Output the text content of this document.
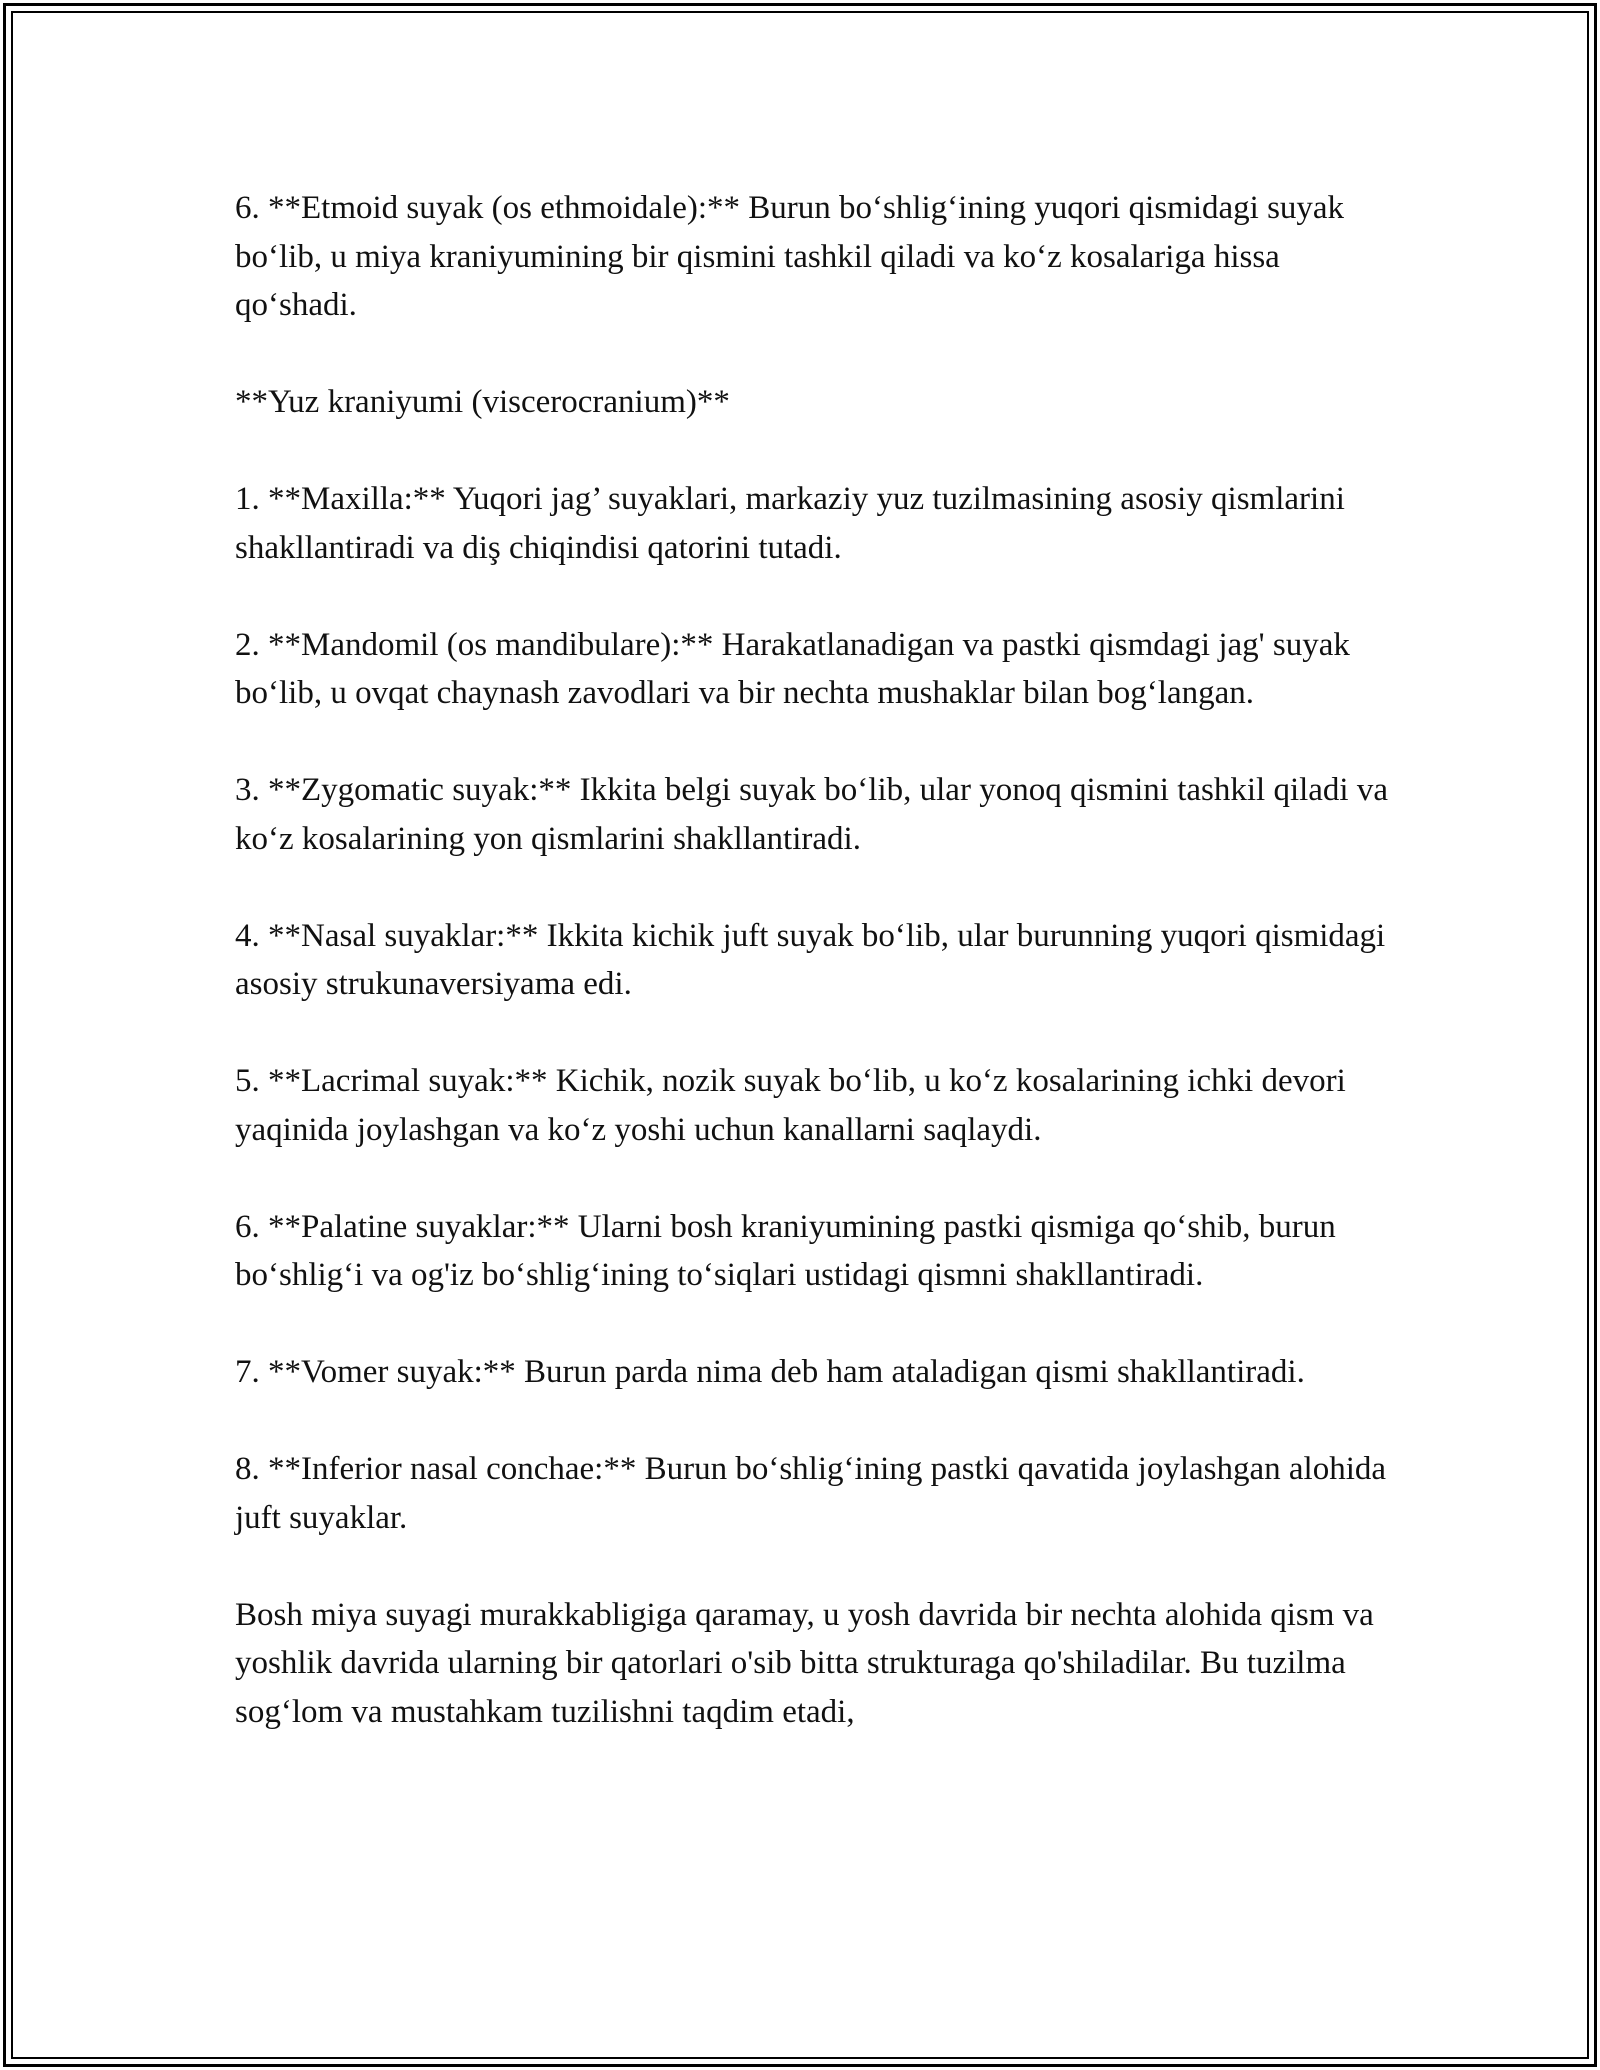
6. **Etmoid suyak (os ethmoidale):** Burun bo‘shlig‘ining yuqori qismidagi suyak bo‘lib, u miya kraniyumining bir qismini tashkil qiladi va ko‘z kosalariga hissa qo‘shadi.

**Yuz kraniyumi (viscerocranium)**

1. **Maxilla:** Yuqori jag’ suyaklari, markaziy yuz tuzilmasining asosiy qismlarini shakllantiradi va diş chiqindisi qatorini tutadi.

2. **Mandomil (os mandibulare):** Harakatlanadigan va pastki qismdagi jag' suyak bo‘lib, u ovqat chaynash zavodlari va bir nechta mushaklar bilan bog‘langan.

3. **Zygomatic suyak:** Ikkita belgi suyak bo‘lib, ular yonoq qismini tashkil qiladi va ko‘z kosalarining yon qismlarini shakllantiradi.

4. **Nasal suyaklar:** Ikkita kichik juft suyak bo‘lib, ular burunning yuqori qismidagi asosiy strukunaversiyama edi.

5. **Lacrimal suyak:** Kichik, nozik suyak bo‘lib, u ko‘z kosalarining ichki devori yaqinida joylashgan va ko‘z yoshi uchun kanallarni saqlaydi.

6. **Palatine suyaklar:** Ularni bosh kraniyumining pastki qismiga qo‘shib, burun bo‘shlig‘i va og'iz bo‘shlig‘ining to‘siqlari ustidagi qismni shakllantiradi.

7. **Vomer suyak:** Burun parda nima deb ham ataladigan qismi shakllantiradi.

8. **Inferior nasal conchae:** Burun bo‘shlig‘ining pastki qavatida joylashgan alohida juft suyaklar.

Bosh miya suyagi murakkabligiga qaramay, u yosh davrida bir nechta alohida qism va yoshlik davrida ularning bir qatorlari o'sib bitta strukturaga qo'shiladilar. Bu tuzilma sog‘lom va mustahkam tuzilishni taqdim etadi,
